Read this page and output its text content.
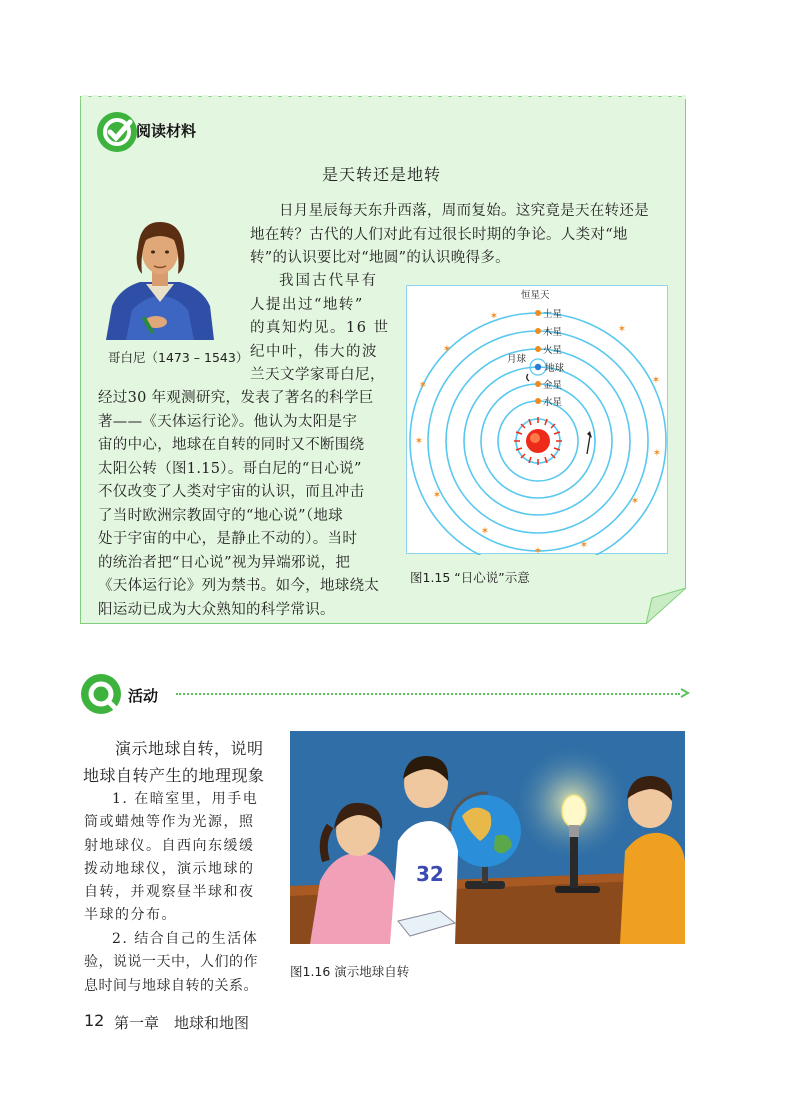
阅读材料
是天转还是地转

日月星辰每天东升西落，周而复始。这究竟是天在转还是

地在转？古代的人们对此有过很长时期的争论。人类对“地

转”的认识要比对“地圆”的认识晚得多。

哥白尼（1473 – 1543）

我国古代早有

人提出过“地转”

的真知灼见。16 世

纪中叶，伟大的波

兰天文学家哥白尼，

经过30 年观测研究，发表了著名的科学巨

著——《天体运行论》。他认为太阳是宇

宙的中心，地球在自转的同时又不断围绕

太阳公转（图1.15）。哥白尼的“日心说”

不仅改变了人类对宇宙的认识，而且冲击

了当时欧洲宗教固守的“地心说”（地球

处于宇宙的中心，是静止不动的）。当时

的统治者把“日心说”视为异端邪说，把

《天体运行论》列为禁书。如今，地球绕太

阳运动已成为大众熟知的科学常识。

✶
✶
✶
✶
✶
✶
✶
✶
✶
✶
✶
✶
恒星天
土星
木星
火星
地球
金星
水星
月球
图1.15 “日心说”示意
活动
演示地球自转，说明
地球自转产生的地理现象

1. 在暗室里，用手电

筒或蜡烛等作为光源，照

射地球仪。自西向东缓缓

拨动地球仪，演示地球的

自转，并观察昼半球和夜

半球的分布。

2. 结合自己的生活体

验，说说一天中，人们的作

息时间与地球自转的关系。

32
图1.16 演示地球自转
12 第一章　地球和地图
